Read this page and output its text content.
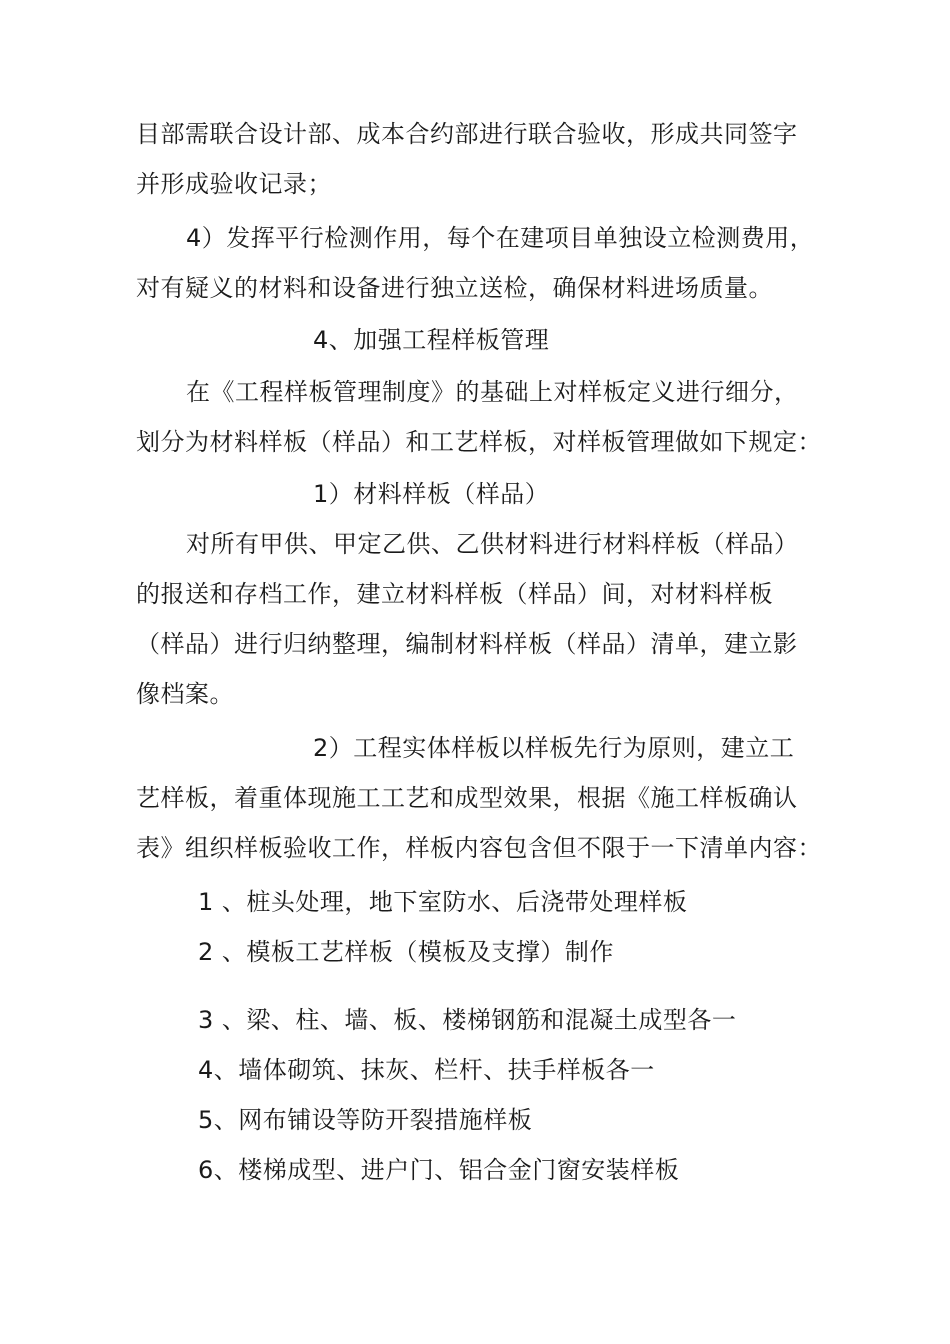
目部需联合设计部、成本合约部进行联合验收，形成共同签字
并形成验收记录；
4）发挥平行检测作用，每个在建项目单独设立检测费用，
对有疑义的材料和设备进行独立送检，确保材料进场质量。
4、加强工程样板管理
在《工程样板管理制度》的基础上对样板定义进行细分，
划分为材料样板（样品）和工艺样板，对样板管理做如下规定：
1）材料样板（样品）
对所有甲供、甲定乙供、乙供材料进行材料样板（样品）
的报送和存档工作，建立材料样板（样品）间，对材料样板
（样品）进行归纳整理，编制材料样板（样品）清单，建立影
像档案。
2）工程实体样板以样板先行为原则，建立工
艺样板，着重体现施工工艺和成型效果，根据《施工样板确认
表》组织样板验收工作，样板内容包含但不限于一下清单内容：
1 、桩头处理，地下室防水、后浇带处理样板
2 、模板工艺样板（模板及支撑）制作
3 、梁、柱、墙、板、楼梯钢筋和混凝土成型各一
4、墙体砌筑、抹灰、栏杆、扶手样板各一
5、网布铺设等防开裂措施样板
6、楼梯成型、进户门、铝合金门窗安装样板
